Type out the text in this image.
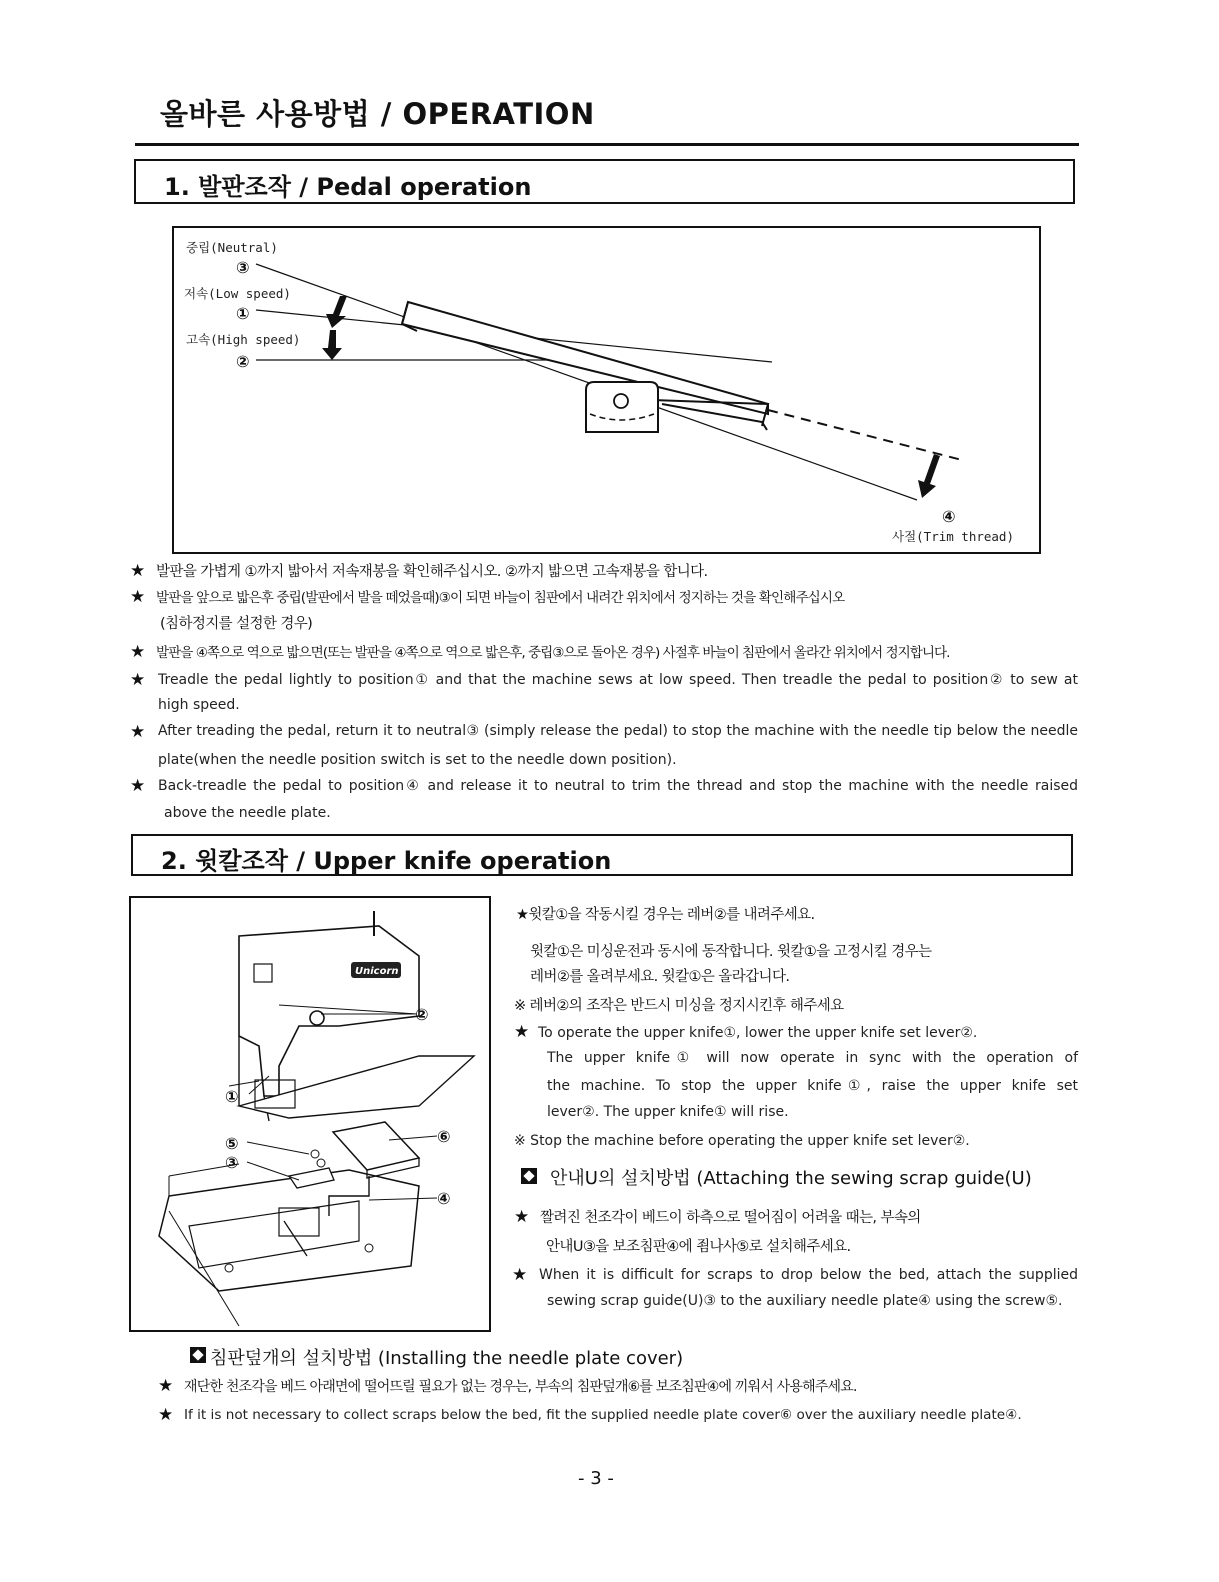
올바른 사용방법 / OPERATION
1. 발판조작 / Pedal operation
중립(Neutral)
③
저속(Low speed)
①
고속(High speed)
②
④
사절(Trim thread)
★ 발판을 가볍게 ①까지 밟아서 저속재봉을 확인해주십시오. ②까지 밟으면 고속재봉을 합니다.
★ 발판을 앞으로 밟은후 중립(발판에서 발을 떼었을때)③이 되면 바늘이 침판에서 내려간 위치에서 정지하는 것을 확인해주십시오
(침하정지를 설정한 경우)
★ 발판을 ④쪽으로 역으로 밟으면(또는 발판을 ④쪽으로 역으로 밟은후, 중립③으로 돌아온 경우) 사절후 바늘이 침판에서 올라간 위치에서 정지합니다.
★ Treadle the pedal lightly to position① and that the machine sews at low speed. Then treadle the pedal to position② to sew at
high speed.
★ After treading the pedal, return it to neutral③ (simply release the pedal) to stop the machine with the needle tip below the needle
plate(when the needle position switch is set to the needle down position).
★ Back-treadle the pedal to position④ and release it to neutral to trim the thread and stop the machine with the needle raised
above the needle plate.
2. 윗칼조작 / Upper knife operation
Unicorn
②
①
⑤
③
⑥
④
★윗칼①을 작동시킬 경우는 레버②를 내려주세요.
윗칼①은 미싱운전과 동시에 동작합니다. 윗칼①을 고정시킬 경우는
레버②를 올려부세요. 윗칼①은 올라갑니다.
※ 레버②의 조작은 반드시 미싱을 정지시킨후 해주세요
★ To operate the upper knife①, lower the upper knife set lever②.
The upper knife① will now operate in sync with the operation of
the machine. To stop the upper knife①, raise the upper knife set
lever②. The upper knife① will rise.
※ Stop the machine before operating the upper knife set lever②.
안내U의 설치방법 (Attaching the sewing scrap guide(U)
★ 짤려진 천조각이 베드이 하측으로 떨어짐이 어려울 때는, 부속의
안내U③을 보조침판④에 죔나사⑤로 설치해주세요.
★ When it is difficult for scraps to drop below the bed, attach the supplied
sewing scrap guide(U)③ to the auxiliary needle plate④ using the screw⑤.
침판덮개의 설치방법 (Installing the needle plate cover)
★ 재단한 천조각을 베드 아래면에 떨어뜨릴 필요가 없는 경우는, 부속의 침판덮개⑥를 보조침판④에 끼워서 사용해주세요.
★ If it is not necessary to collect scraps below the bed, fit the supplied needle plate cover⑥ over the auxiliary needle plate④.
- 3 -
